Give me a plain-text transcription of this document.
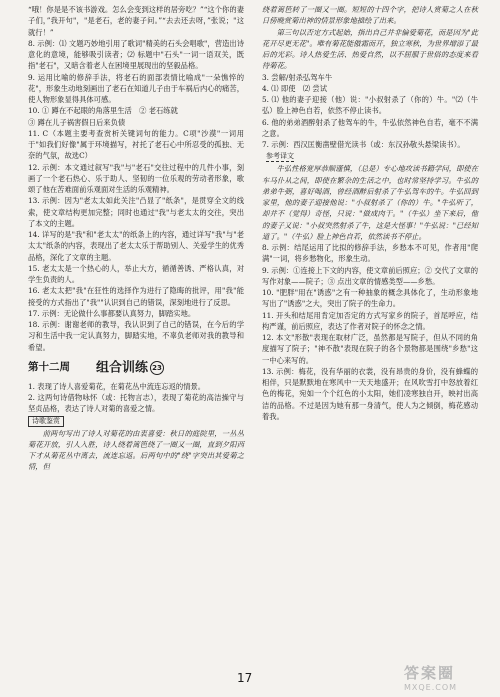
“哦！你是是不该书游戏。怎么会变到这样的居旁吃？”“这个你的妻子们，”我开句"，"是老石，老的妻子问。”“去去还去呀，”张说；"这就行！”

8. 示例：⑴ 文题巧妙地引用了歌词"精美的石头会唱歌"，营造出诗意化的意境，能够吸引读者；⑵ 标题中"石头"一词一语双关，既指"老石"，又暗含着老人在困境里展现出的坚毅品格。

9. 运用比喻的修辞手法，将老石的面部表情比喻成"一朵憔悴的花"，形象生动地刻画出了老石在知道儿子由于车祸后内心的痛苦，使人物形象显得具体可感。

10. ① 蹲在不起眼的角落里生活　② 老石练就

③ 蹲在儿子祸害假日后来负债

11. C（本题主要考查赏析关键词句的能力。C项"沙漠"一词用于"如我们好像"属于环境描写，衬托了老石心中所忍受的孤独、无奈的气氛，故选C）

12. 示例：本文通过叙写"我"与"老石"交往过程中的几件小事，刻画了一个老石热心、乐于助人、坚韧的一位乐观的劳动者形象，歌颂了他在苦难面前乐观面对生活的乐观精神。

13. 示例：因为"老太太如此关注"凸显了"纸条"，是贯穿全文的线索，使文章结构更加完整；同时也通过"我"与老太太的交往，突出了本文的主题。

14. 详写的是"我"和"老太太"的纸条上的内容，通过详写"我"与"老太太"纸条的内容，表现出了老太太乐于帮助别人、关爱学生的优秀品格，深化了文章的主题。

15. 老太太是一个热心的人，举止大方，循循善诱、严格认真，对学生负责的人。

16. 老太太把"我"在狂性的选择作为进行了隐晦的批评，用"我"能接受的方式指出了"我""认识到自己的错误，深刻地进行了反思。

17. 示例：无论做什么事都要认真努力，脚踏实地。

18. 示例：谢谢老师的教导，我认识到了自己的错误，在今后的学习和生活中我一定认真努力，脚踏实地，不辜负老师对我的教导和希望。

第十二周 组合训练 23

1. 表现了诗人喜爱菊花，在菊花丛中流连忘返的情景。

2. 这两句诗借物咏怀（或：托物言志），表现了菊花的高洁操守与坚贞品格，表达了诗人对菊的喜爱之情。

诗歌鉴赏

前两句写出了诗人对菊花的由衷喜爱：秋日的庭院里，一丛丛菊花开放，引人入胜，诗人绕着篱笆绕了一圈又一圈，直到夕阳西下才从菊花丛中离去，流连忘返。后两句中的"绕"字突出其爱菊之情，但

绕着篱笆转了一圈又一圈。短短的十四个字，把诗人赏菊之人在秋日傍晚赏菊出神的情景形象地描绘了出来。

第三句以否定方式起始，指出自己并非偏爱菊花，而是因为"此花开尽更无花"。唯有菊花能傲霜而开，独立寒秋，为世界增添了最后的光彩。诗人热爱生活、热爱自然，以不屈服于世俗的态度来看待菊花。

3. 尝解/射杀弘驾车牛

4. ⑴ 即使　⑵ 尝试

5. ⑴ 他的妻子迎接（他）说："小叔射杀了（你的）牛。"⑵（牛弘）脸上神色自若，依然不停止读书。

6. 他的弟弟酒醉射杀了他驾车的牛，牛弘依然神色自若，毫不不满之意。

7. 示例：西汉匡衡凿壁借光读书（或：东汉孙敬头悬梁读书）。

参考译文

牛弘性格宽厚恭顺谨慎，（总是）专心地攻读书籍学问，即使在车马仆从之间，即使在繁杂的生活之中，也时常坚持学习。牛弘的弟弟牛弼，喜好喝酒，曾经酒醉后射杀了牛弘驾车的牛。牛弘回到家里，他的妻子迎接他说："小叔射杀了（你的）牛。"牛弘听了，却并不（觉得）奇怪，只说："做成肉干。"（牛弘）坐下来后，他的妻子又说："小叔突然射杀了牛，这是大怪事！"牛弘说："已经知道了。"（牛弘）脸上神色自若，依然读书不停止。

8. 示例：结尾运用了比拟的修辞手法，乡愁本不可见，作者用"爬满"一词，将乡愁物化，形象生动。

9. 示例：①连接上下文的内容，使文章前后照应；② 交代了文章的写作对象——院子；③ 点出文章的情感类型——乡愁。

10. "肥胖"用在"诱惑"之有一种抽象的概念具体化了，生动形象地写出了"诱惑"之大，突出了院子的生命力。

11. 开头和结尾用肯定加否定的方式写家乡的院子，首尾呼应，结构严谨，前后照应，表达了作者对院子的怀念之情。

12. 本文"形散"表现在取材广泛，虽然都是写院子，但从不同的角度描写了院子；"神不散"表现在院子的各个景物都是围绕"乡愁"这一中心来写的。

13. 示例：梅花，没有华丽的衣裳，没有昂贵的身价，没有蜂蝶的相伴，只是默默地在寒风中一天天地盛开；在风吹雪打中怒放着红色的梅花，宛如一个个红色的小太阳，她们凌寒独自开，映衬出高洁的品格。不过是因为她有那一身清气，使人为之倾倒，梅花感动着我。

17	答案圈
MXQE.COM
